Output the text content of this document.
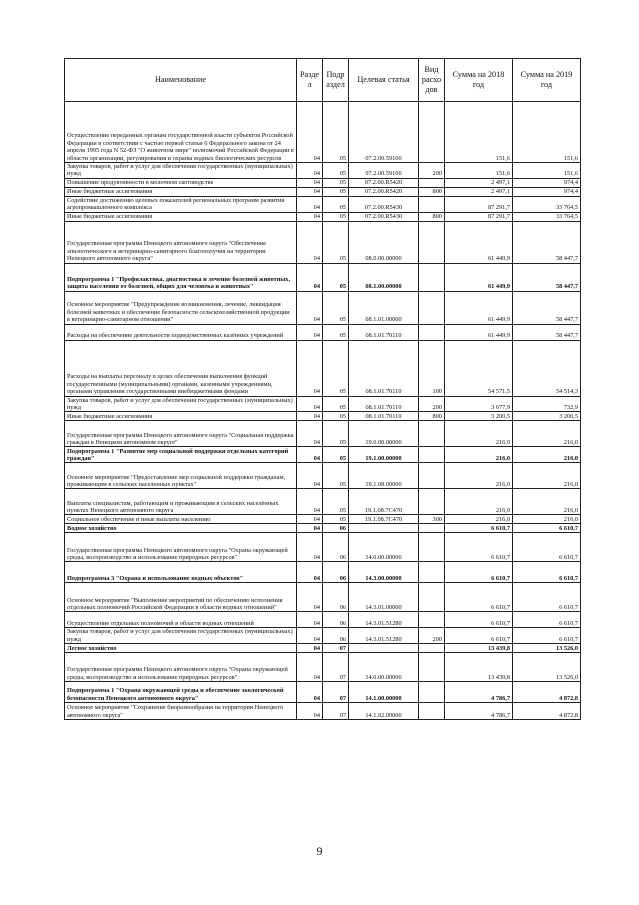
Наименование	Разде л	Подр аздел	Целевая статья	Вид расхо дов	Сумма на 2018 год	Сумма на 2019 год
Осуществление переданных органам государственной власти субъектов Российской Федерации в соответствии с частью первой статьи 6 Федерального закона от 24 апреля 1995 года N 52-ФЗ "О животном мире" полномочий Российской Федерации в области организации, регулирования и охраны водных биологических ресурсов	04	05	07.2.00.59100		151,6	151,6
Закупка товаров, работ и услуг для обеспечения государственных (муниципальных) нужд	04	05	07.2.00.59100	200	151,6	151,6
Повышение продуктивности в молочном скотоводстве	04	05	07.2.00.R5420		2 497,1	974,4
Иные бюджетные ассигнования	04	05	07.2.00.R5420	800	2 497,1	974,4
Содействие достижению целевых показателей региональных программ развития агропромышленного комплекса	04	05	07.2.00.R5430		87 291,7	33 764,5
Иные бюджетные ассигнования	04	05	07.2.00.R5430	800	87 291,7	33 764,5
Государственная программа Ненецкого автономного округа "Обеспечение эпизоотического и ветеринарно-санитарного благополучия на территории Ненецкого автономного округа"	04	05	08.0.00.00000		61 449,9	58 447,7
Подпрограмма 1 "Профилактика, диагностика и лечение болезней животных, защита населения от болезней, общих для человека и животных"	04	05	08.1.00.00000		61 449,9	58 447,7
Основное мероприятие "Предупреждение возникновения, лечение, ликвидация болезней животных и обеспечение безопасности сельскохозяйственной продукции в ветеринарно-санитарном отношении"	04	05	08.1.01.00000		61 449,9	58 447,7
Расходы на обеспечение деятельности подведомственных казённых учреждений	04	05	08.1.01.70110		61 449,9	58 447,7
Расходы на выплаты персоналу в целях обеспечения выполнения функций государственными (муниципальными) органами, казенными учреждениями, органами управления государственными внебюджетными фондами	04	05	08.1.01.70110	100	54 571,5	54 514,3
Закупка товаров, работ и услуг для обеспечения государственных (муниципальных) нужд	04	05	08.1.01.70110	200	3 677,9	732,9
Иные бюджетные ассигнования	04	05	08.1.01.70110	800	3 200,5	3 200,5
Государственная программа Ненецкого автономного округа "Социальная поддержка граждан в Ненецком автономном округе"	04	05	19.0.00.00000		216,0	216,0
Подпрограмма 1 "Развитие мер социальной поддержки отдельных категорий граждан"	04	05	19.1.00.00000		216,0	216,0
Основное мероприятие "Предоставление мер социальной поддержки гражданам, проживающим в сельских населенных пунктах"	04	05	19.1.08.00000		216,0	216,0
Выплаты специалистам, работающим и проживающим в сельских населённых пунктах Ненецкого автономного округа	04	05	19.1.08.7C470		216,0	216,0
Социальное обеспечение и иные выплаты населению	04	05	19.1.08.7C470	300	216,0	216,0
Водное хозяйство	04	06			6 610,7	6 610,7
Государственная программа Ненецкого автономного округа "Охрана окружающей среды, воспроизводство и использование природных ресурсов"	04	06	14.0.00.00000		6 610,7	6 610,7
Подпрограмма 3 "Охрана и использование водных объектов"	04	06	14.3.00.00000		6 610,7	6 610,7
Основное мероприятие "Выполнение мероприятий по обеспечению исполнения отдельных полномочий Российской Федерации в области водных отношений"	04	06	14.3.01.00000		6 610,7	6 610,7
Осуществление отдельных полномочий в области водных отношений	04	06	14.3.01.51280		6 610,7	6 610,7
Закупка товаров, работ и услуг для обеспечения государственных (муниципальных) нужд	04	06	14.3.01.51280	200	6 610,7	6 610,7
Лесное хозяйство	04	07			13 439,8	13 526,0
Государственная программа Ненецкого автономного округа "Охрана окружающей среды, воспроизводство и использование природных ресурсов"	04	07	14.0.00.00000		13 439,8	13 526,0
Подпрограмма 1 "Охрана окружающей среды и обеспечение экологической безопасности Ненецкого автономного округа"	04	07	14.1.00.00000		4 786,7	4 872,8
Основное мероприятие "Сохранение биоразнообразия на территории Ненецкого автономного округа"	04	07	14.1.02.00000		4 786,7	4 872,8
9
